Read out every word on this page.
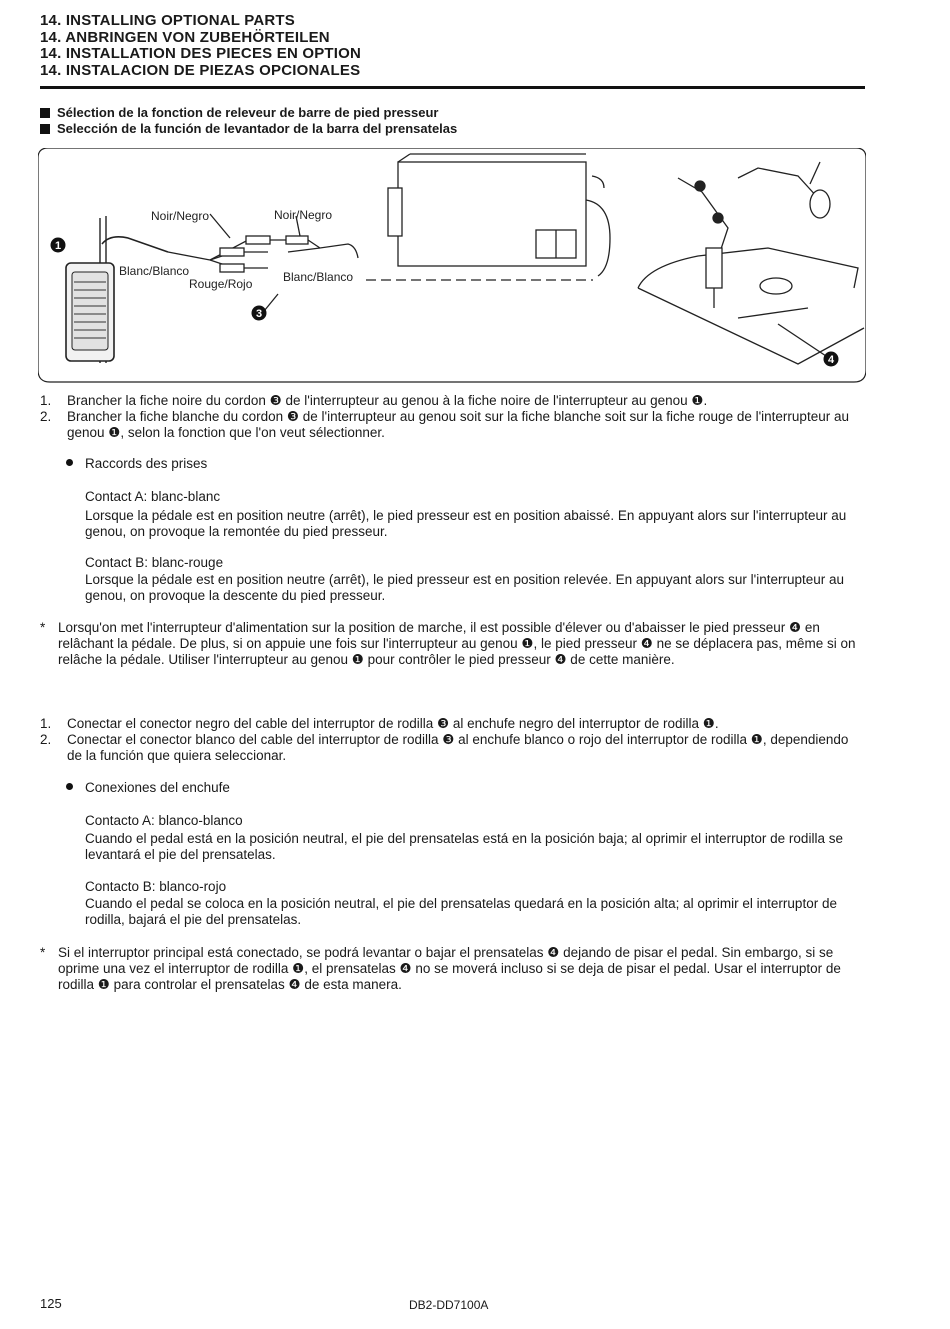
14. INSTALLING OPTIONAL PARTS
14. ANBRINGEN VON ZUBEHÖRTEILEN
14. INSTALLATION DES PIECES EN OPTION
14. INSTALACION DE PIEZAS OPCIONALES
Sélection de la fonction de releveur de barre de pied presseur
Selección de la función de levantador de la barra del prensatelas
Noir/Negro	Noir/Negro
Blanc/Blanco
Rouge/Rojo	Blanc/Blanco
1
3
4
1. Brancher la fiche noire du cordon ❸ de l'interrupteur au genou à la fiche noire de l'interrupteur au genou ❶.
2. Brancher la fiche blanche du cordon ❸ de l'interrupteur au genou soit sur la fiche blanche soit sur la fiche rouge de l'interrupteur au genou ❶, selon la fonction que l'on veut sélectionner.
Raccords des prises
Contact A: blanc-blanc
Lorsque la pédale est en position neutre (arrêt), le pied presseur est en position abaissé. En appuyant alors sur l'interrupteur au genou, on provoque la remontée du pied presseur.
Contact B: blanc-rouge
Lorsque la pédale est en position neutre (arrêt), le pied presseur est en position relevée. En appuyant alors sur l'interrupteur au genou, on provoque la descente du pied presseur.
* Lorsqu'on met l'interrupteur d'alimentation sur la position de marche, il est possible d'élever ou d'abaisser le pied presseur ❹ en relâchant la pédale. De plus, si on appuie une fois sur l'interrupteur au genou ❶, le pied presseur ❹ ne se déplacera pas, même si on relâche la pédale. Utiliser l'interrupteur au genou ❶ pour contrôler le pied presseur ❹ de cette manière.
1. Conectar el conector negro del cable del interruptor de rodilla ❸ al enchufe negro del interruptor de rodilla ❶.
2. Conectar el conector blanco del cable del interruptor de rodilla ❸ al enchufe blanco o rojo del interruptor de rodilla ❶, dependiendo de la función que quiera seleccionar.
Conexiones del enchufe
Contacto A: blanco-blanco
Cuando el pedal está en la posición neutral, el pie del prensatelas está en la posición baja; al oprimir el interruptor de rodilla se levantará el pie del prensatelas.
Contacto B: blanco-rojo
Cuando el pedal se coloca en la posición neutral, el pie del prensatelas quedará en la posición alta; al oprimir el interruptor de rodilla, bajará el pie del prensatelas.
* Si el interruptor principal está conectado, se podrá levantar o bajar el prensatelas ❹ dejando de pisar el pedal. Sin embargo, si se oprime una vez el interruptor de rodilla ❶, el prensatelas ❹ no se moverá incluso si se deja de pisar el pedal. Usar el interruptor de rodilla ❶ para controlar el prensatelas ❹ de esta manera.
125	DB2-DD7100A
